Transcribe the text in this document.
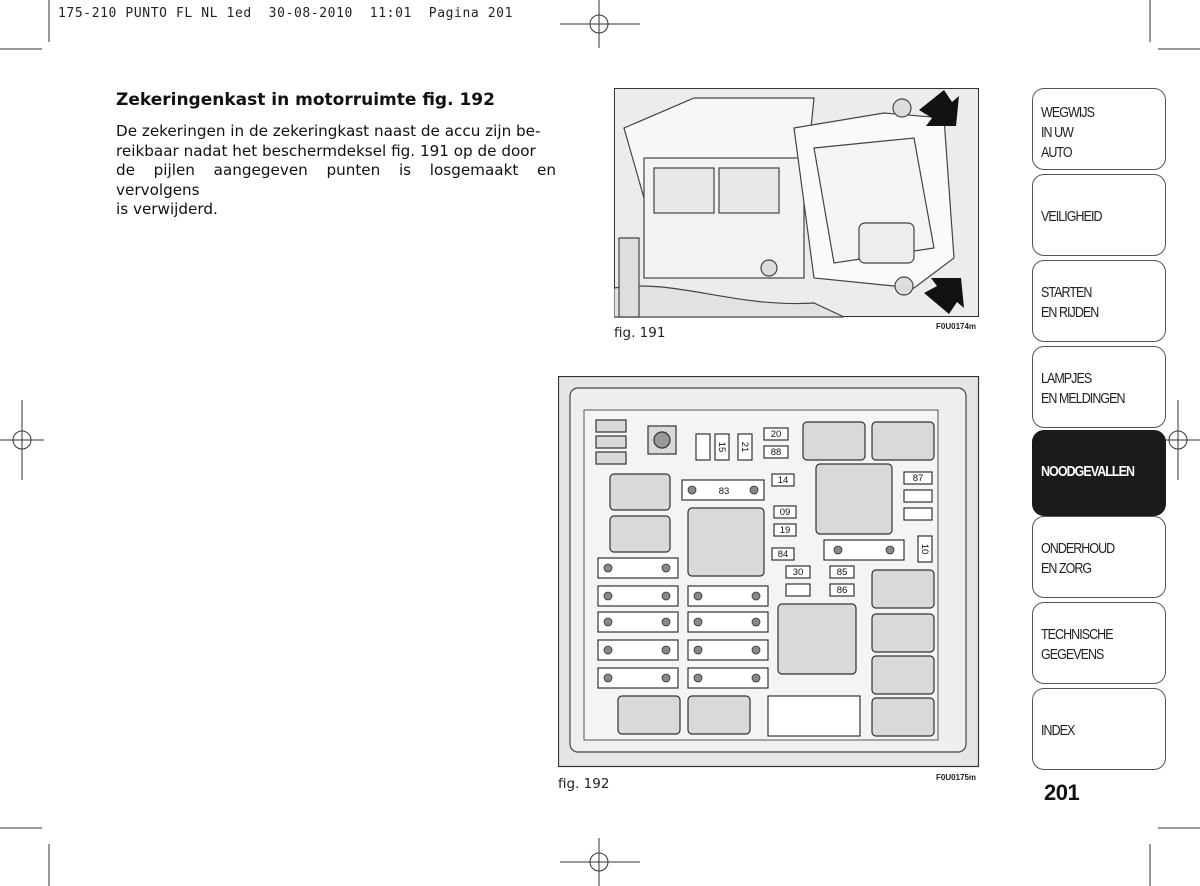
175-210 PUNTO FL NL 1ed  30-08-2010  11:01  Pagina 201
Zekeringenkast in motorruimte fig. 192
De zekeringen in de zekeringkast naast de accu zijn be-
reikbaar nadat het beschermdeksel fig. 191 op de door
de pijlen aangegeven punten is losgemaakt en vervolgens
is verwijderd.
fig. 191	F0U0174m
20
88
15 21
14
83
87
09
19
84	10
30	85
86
fig. 192	F0U0175m
WEGWIJS
IN UW
AUTO
VEILIGHEID
STARTEN
EN RIJDEN
LAMPJES
EN MELDINGEN
NOODGEVALLEN
ONDERHOUD
EN ZORG
TECHNISCHE
GEGEVENS
INDEX
201
